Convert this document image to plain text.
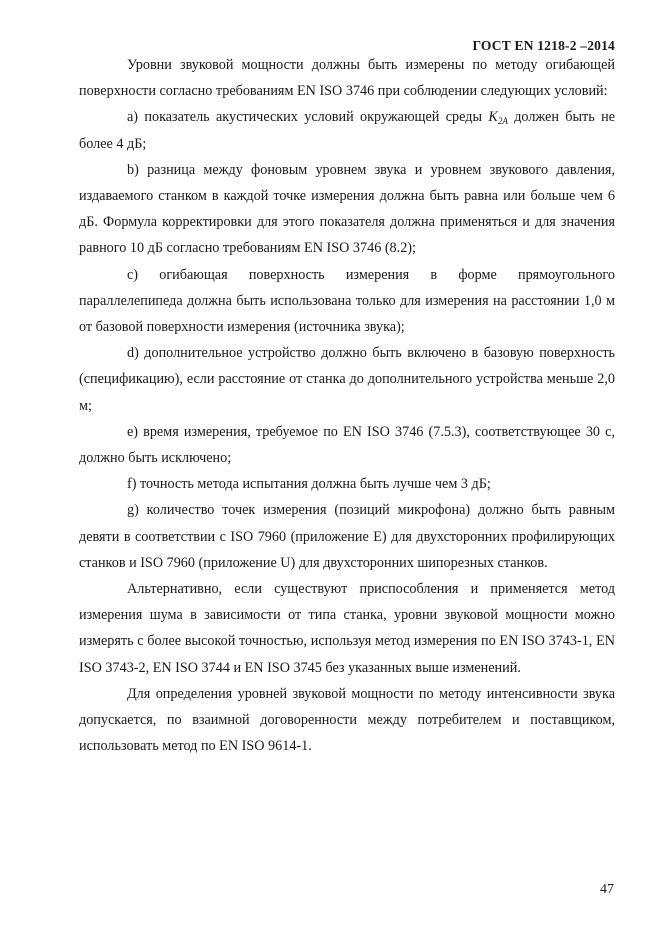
ГОСТ EN 1218-2 –2014

Уровни звуковой мощности должны быть измерены по методу огибающей поверхности согласно требованиям EN ISO 3746 при соблюдении следующих условий:

a) показатель акустических условий окружающей среды $K_{2A}$ должен быть не более 4 дБ;

b) разница между фоновым уровнем звука и уровнем звукового давления, издаваемого станком в каждой точке измерения должна быть равна или больше чем 6 дБ. Формула корректировки для этого показателя должна применяться и для значения равного 10 дБ согласно требованиям EN ISO 3746 (8.2);

c) огибающая поверхность измерения в форме прямоугольного параллелепипеда должна быть использована только для измерения на расстоянии 1,0 м от базовой поверхности измерения (источника звука);

d) дополнительное устройство должно быть включено в базовую поверхность (спецификацию), если расстояние от станка до дополнительного устройства меньше 2,0 м;

e) время измерения, требуемое по EN ISO 3746 (7.5.3), соответствующее 30 с, должно быть исключено;

f) точность метода испытания должна быть лучше чем 3 дБ;

g) количество точек измерения (позиций микрофона) должно быть равным девяти в соответствии с ISO 7960 (приложение E) для двухсторонних профилирующих станков и ISO 7960 (приложение U) для двухсторонних шипорезных станков.

Альтернативно, если существуют приспособления и применяется метод измерения шума в зависимости от типа станка, уровни звуковой мощности можно измерять с более высокой точностью, используя метод измерения по EN ISO 3743-1, EN ISO 3743-2, EN ISO 3744 и EN ISO 3745 без указанных выше изменений.

Для определения уровней звуковой мощности по методу интенсивности звука допускается, по взаимной договоренности между потребителем и поставщиком, использовать метод по EN ISO 9614-1.

47
